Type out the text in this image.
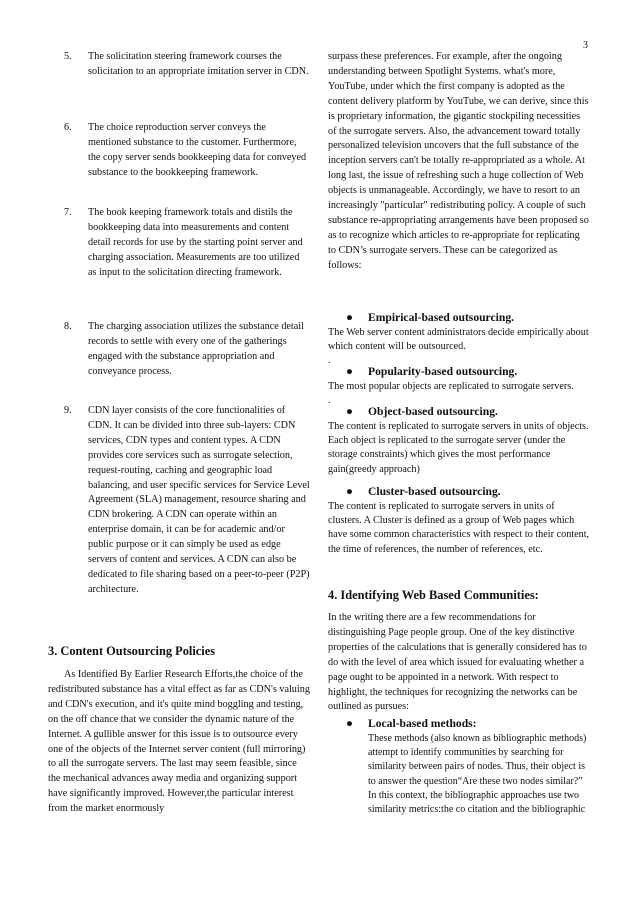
3
5.	The solicitation steering framework courses the solicitation to an appropriate imitation server in CDN.
6.	The choice reproduction server conveys the mentioned substance to the customer. Furthermore, the copy server sends bookkeeping data for conveyed substance to the bookkeeping framework.
7.	The book keeping framework totals and distils the bookkeeping data into measurements and content detail records for use by the starting point server and charging association. Measurements are too utilized as input to the solicitation directing framework.
8.	The charging association utilizes the substance detail records to settle with every one of the gatherings engaged with the substance appropriation and conveyance process.
9.	CDN layer consists of the core functionalities of CDN. It can be divided into three sub-layers: CDN services, CDN types and content types. A CDN provides core services such as surrogate selection, request-routing, caching and geographic load balancing, and user specific services for Service Level Agreement (SLA) management, resource sharing and CDN brokering. A CDN can operate within an enterprise domain, it can be for academic and/or public purpose or it can simply be used as edge servers of content and services. A CDN can also be dedicated to file sharing based on a peer-to-peer (P2P) architecture.
3. Content Outsourcing Policies
As Identified By Earlier Research Efforts,the choice of the redistributed substance has a vital effect as far as CDN's valuing and CDN's execution, and it's quite mind boggling and testing, on the off chance that we consider the dynamic nature of the Internet. A gullible answer for this issue is to outsource every one of the objects of the Internet server content (full mirroring) to all the surrogate servers. The last may seem feasible, since the mechanical advances away media and organizing support have significantly improved. However,the particular interest from the market enormously
surpass these preferences. For example, after the ongoing understanding between Spotlight Systems. what's more, YouTube, under which the first company is adopted as the content delivery platform by YouTube, we can derive, since this is proprietary information, the gigantic stockpiling necessities of the surrogate servers. Also, the advancement toward totally personalized television uncovers that the full substance of the inception servers can't be totally re-appropriated as a whole. At long last, the issue of refreshing such a huge collection of Web objects is unmanageable. Accordingly, we have to resort to an increasingly "particular" redistributing policy. A couple of such substance re-appropriating arrangements have been proposed so as to recognize which articles to re-appropriate for replicating to CDN’s surrogate servers. These can be categorized as follows:
● Empirical-based outsourcing.
The Web server content administrators decide empirically about which content will be outsourced.
.
● Popularity-based outsourcing.
The most popular objects are replicated to surrogate servers.
.
● Object-based outsourcing.
The content is replicated to surrogate servers in units of objects. Each object is replicated to the surrogate server (under the storage constraints) which gives the most performance gain(greedy approach)
● Cluster-based outsourcing.
The content is replicated to surrogate servers in units of clusters. A Cluster is defined as a group of Web pages which have some common characteristics with respect to their content, the time of references, the number of references, etc.
4. Identifying Web Based Communities:
In the writing there are a few recommendations for distinguishing Page people group. One of the key distinctive properties of the calculations that is generally considered has to do with the level of area which issued for evaluating whether a page ought to be appointed in a network. With respect to highlight, the techniques for recognizing the networks can be outlined as pursues:
● Local-based methods:
These methods (also known as bibliographic methods) attempt to identify communities by searching for similarity between pairs of nodes. Thus, their object is to answer the question“Are these two nodes similar?” In this context, the bibliographic approaches use two similarity metrics:the co citation and the bibliographic
